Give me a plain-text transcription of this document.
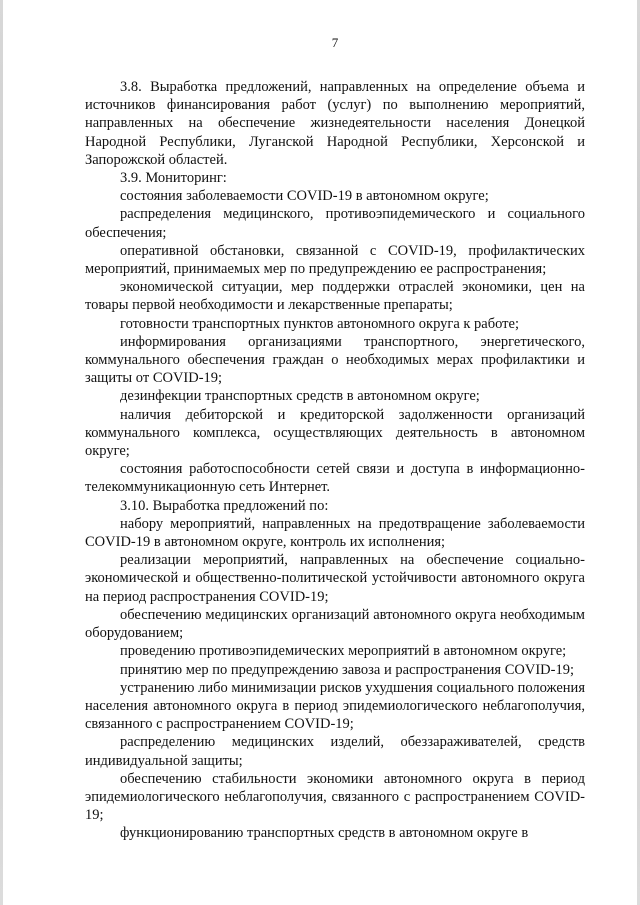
7

3.8. Выработка предложений, направленных на определение объема и источников финансирования работ (услуг) по выполнению мероприятий, направленных на обеспечение жизнедеятельности населения Донецкой Народной Республики, Луганской Народной Республики, Херсонской и Запорожской областей.

3.9. Мониторинг:

состояния заболеваемости COVID-19 в автономном округе;

распределения медицинского, противоэпидемического и социального обеспечения;

оперативной обстановки, связанной с COVID-19, профилактических мероприятий, принимаемых мер по предупреждению ее распространения;

экономической ситуации, мер поддержки отраслей экономики, цен на товары первой необходимости и лекарственные препараты;

готовности транспортных пунктов автономного округа к работе;

информирования организациями транспортного, энергетического, коммунального обеспечения граждан о необходимых мерах профилактики и защиты от COVID-19;

дезинфекции транспортных средств в автономном округе;

наличия дебиторской и кредиторской задолженности организаций коммунального комплекса, осуществляющих деятельность в автономном округе;

состояния работоспособности сетей связи и доступа в информационно-телекоммуникационную сеть Интернет.

3.10. Выработка предложений по:

набору мероприятий, направленных на предотвращение заболеваемости COVID-19 в автономном округе, контроль их исполнения;

реализации мероприятий, направленных на обеспечение социально-экономической и общественно-политической устойчивости автономного округа на период распространения COVID-19;

обеспечению медицинских организаций автономного округа необходимым оборудованием;

проведению противоэпидемических мероприятий в автономном округе;

принятию мер по предупреждению завоза и распространения COVID-19;

устранению либо минимизации рисков ухудшения социального положения населения автономного округа в период эпидемиологического неблагополучия, связанного с распространением COVID-19;

распределению медицинских изделий, обеззараживателей, средств индивидуальной защиты;

обеспечению стабильности экономики автономного округа в период эпидемиологического неблагополучия, связанного с распространением COVID-19;

функционированию транспортных средств в автономном округе в
